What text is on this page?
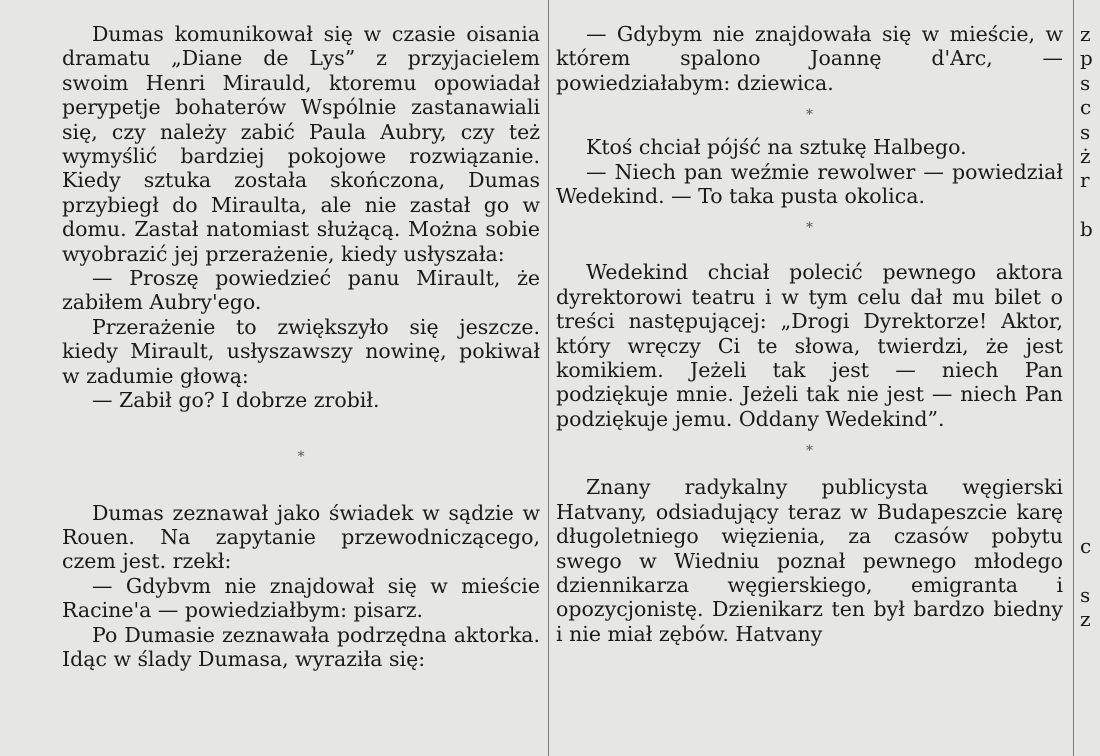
Dumas komunikował się w czasie oisania dramatu „Diane de Lys” z przyjacielem swoim Henri Mirauld, ktoremu opowiadał perypetje bohaterów Wspólnie zastanawiali się, czy należy zabić Paula Aubry, czy też wymyślić bardziej pokojowe rozwiązanie. Kiedy sztuka została skończona, Dumas przybiegł do Miraulta, ale nie zastał go w domu. Zastał natomiast służącą. Można sobie wyobrazić jej przerażenie, kiedy usłyszała:

— Proszę powiedzieć panu Mirault, że zabiłem Aubry'ego.

Przerażenie to zwiększyło się jeszcze. kiedy Mirault, usłyszawszy nowinę, pokiwał w zadumie głową:

— Zabił go? I dobrze zrobił.

*

Dumas zeznawał jako świadek w sądzie w Rouen. Na zapytanie przewodniczącego, czem jest. rzekł:

— Gdybvm nie znajdował się w mieście Racine'a — powiedziałbym: pisarz.

Po Dumasie zeznawała podrzędna aktorka. Idąc w ślady Dumasa, wyraziła się:

— Gdybym nie znajdowała się w mieście, w którem spalono Joannę d'Arc, — powiedziałabym: dziewica.

*

Ktoś chciał pójść na sztukę Halbego.

— Niech pan weźmie rewolwer — powiedział Wedekind. — To taka pusta okolica.

*

Wedekind chciał polecić pewnego aktora dyrektorowi teatru i w tym celu dał mu bilet o treści następującej: „Drogi Dyrektorze! Aktor, który wręczy Ci te słowa, twierdzi, że jest komikiem. Jeżeli tak jest — niech Pan podziękuje mnie. Jeżeli tak nie jest — niech Pan podziękuje jemu. Oddany Wedekind”.

*

Znany radykalny publicysta węgierski Hatvany, odsiadujący teraz w Budapeszcie karę długoletniego więzienia, za czasów pobytu swego w Wiedniu poznał pewnego młodego dziennikarza węgierskiego, emigranta i opozycjonistę. Dzienikarz ten był bardzo biedny i nie miał zębów. Hatvany

z
p
s
c
s
ż
r
b
c
s
z
